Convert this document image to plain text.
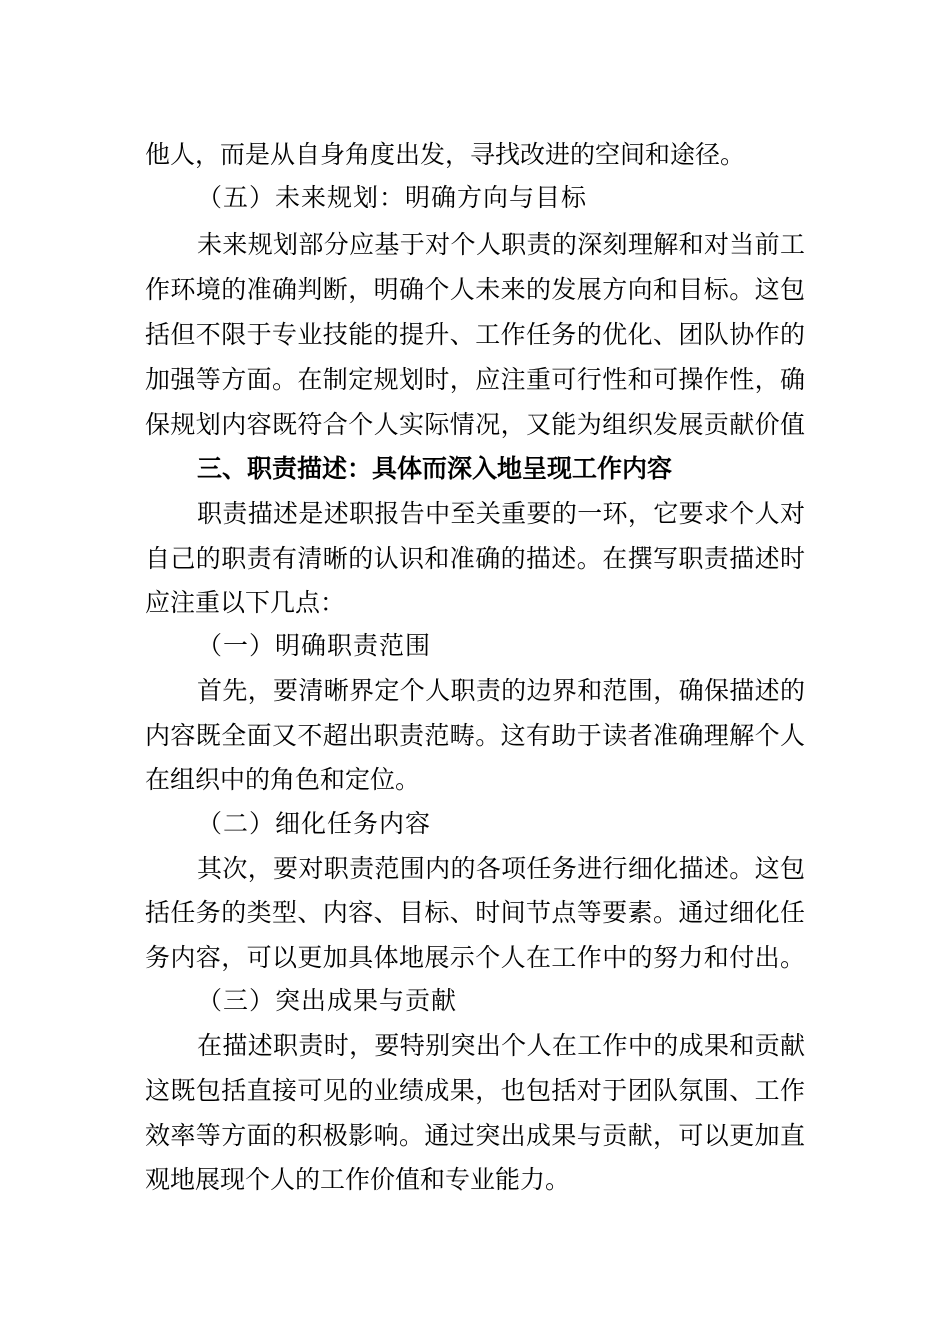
他人，而是从自身角度出发，寻找改进的空间和途径。
（五）未来规划：明确方向与目标
未来规划部分应基于对个人职责的深刻理解和对当前工
作环境的准确判断，明确个人未来的发展方向和目标。这包
括但不限于专业技能的提升、工作任务的优化、团队协作的
加强等方面。在制定规划时，应注重可行性和可操作性，确
保规划内容既符合个人实际情况，又能为组织发展贡献价值
三、职责描述：具体而深入地呈现工作内容
职责描述是述职报告中至关重要的一环，它要求个人对
自己的职责有清晰的认识和准确的描述。在撰写职责描述时
应注重以下几点：
（一）明确职责范围
首先，要清晰界定个人职责的边界和范围，确保描述的
内容既全面又不超出职责范畴。这有助于读者准确理解个人
在组织中的角色和定位。
（二）细化任务内容
其次，要对职责范围内的各项任务进行细化描述。这包
括任务的类型、内容、目标、时间节点等要素。通过细化任
务内容，可以更加具体地展示个人在工作中的努力和付出。
（三）突出成果与贡献
在描述职责时，要特别突出个人在工作中的成果和贡献
这既包括直接可见的业绩成果，也包括对于团队氛围、工作
效率等方面的积极影响。通过突出成果与贡献，可以更加直
观地展现个人的工作价值和专业能力。
